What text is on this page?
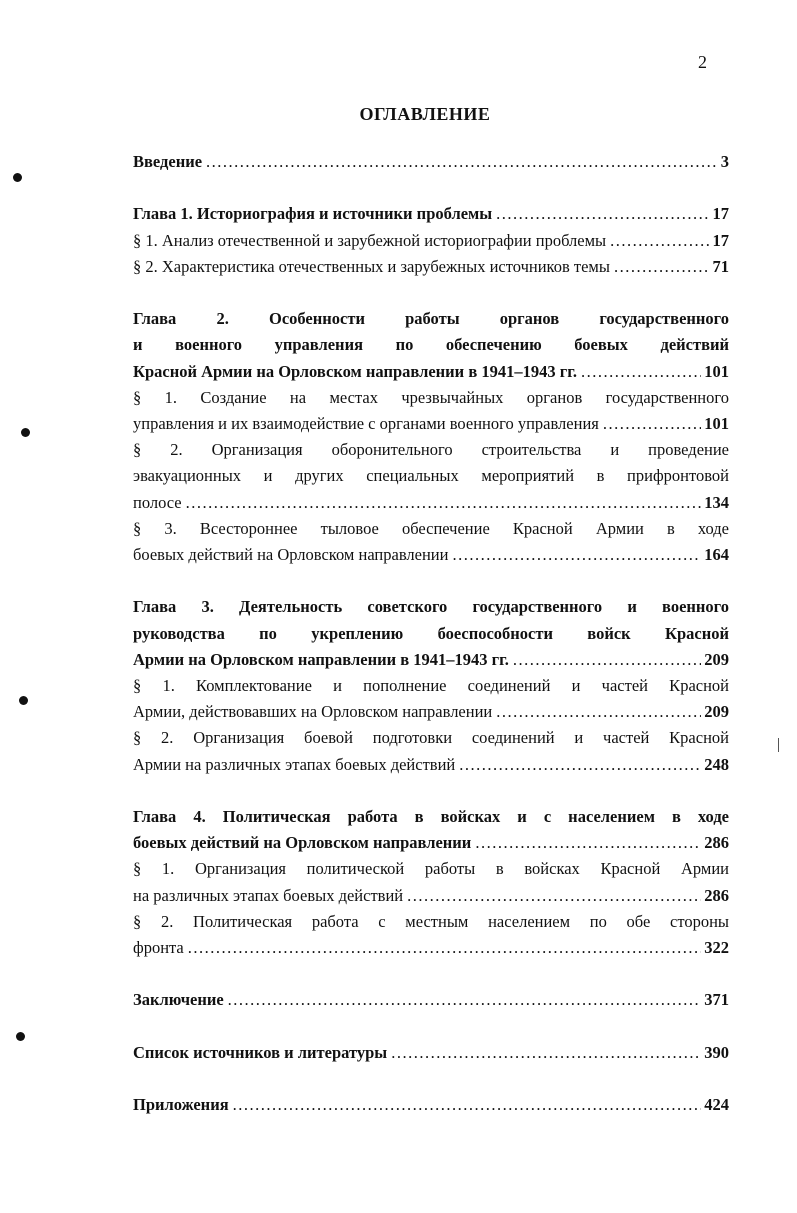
2
ОГЛАВЛЕНИЕ
Введение .....	3
Глава 1. Историография и источники проблемы .....	17
§ 1. Анализ отечественной и зарубежной историографии проблемы .....	17
§ 2. Характеристика отечественных и зарубежных источников темы .....	71
Глава 2. Особенности работы органов государственного
и военного управления по обеспечению боевых действий
Красной Армии на Орловском направлении в 1941–1943 гг. .....	101
§ 1. Создание на местах чрезвычайных органов государственного
управления и их взаимодействие с органами военного управления .....	101
§ 2. Организация оборонительного строительства и проведение
эвакуационных и других специальных мероприятий в прифронтовой
полосе .....	134
§ 3. Всестороннее тыловое обеспечение Красной Армии в ходе
боевых действий на Орловском направлении .....	164
Глава 3. Деятельность советского государственного и военного
руководства по укреплению боеспособности войск Красной
Армии на Орловском направлении в 1941–1943 гг. .....	209
§ 1. Комплектование и пополнение соединений и частей Красной
Армии, действовавших на Орловском направлении .....	209
§ 2. Организация боевой подготовки соединений и частей Красной
Армии на различных этапах боевых действий .....	248
Глава 4. Политическая работа в войсках и с населением в ходе
боевых действий на Орловском направлении .....	286
§ 1. Организация политической работы в войсках Красной Армии
на различных этапах боевых действий .....	286
§ 2. Политическая работа с местным населением по обе стороны
фронта .....	322
Заключение .....	371
Список источников и литературы .....	390
Приложения .....	424
